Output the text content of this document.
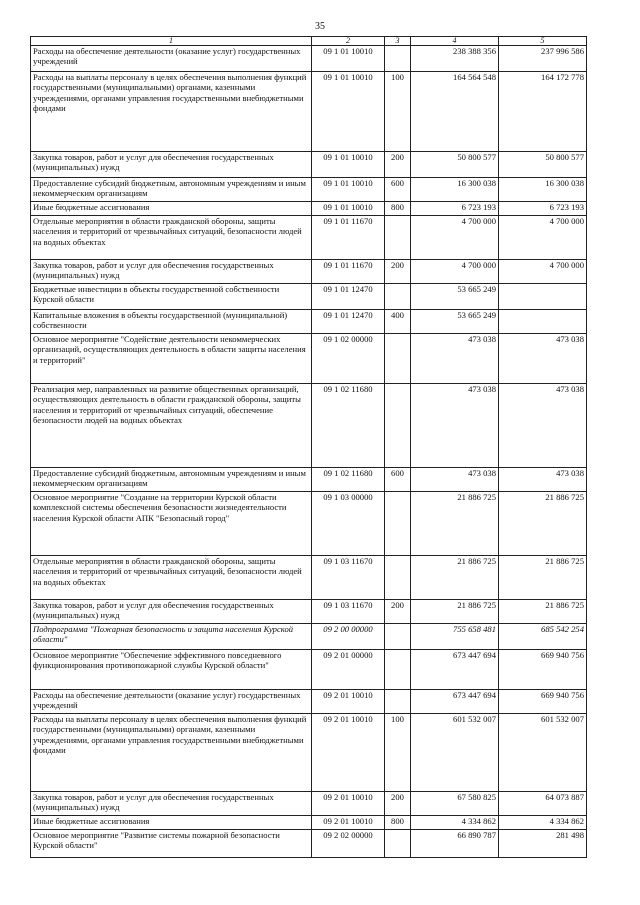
35
1	2	3	4	5
Расходы на обеспечение деятельности (оказание услуг) государственных учреждений	09 1 01 10010		238 388 356	237 996 586
Расходы на выплаты персоналу в целях обеспечения выполнения функций государственными (муниципальными) органами, казенными учреждениями, органами управления государственными внебюджетными фондами	09 1 01 10010	100	164 564 548	164 172 778
Закупка товаров, работ и услуг для обеспечения государственных (муниципальных) нужд	09 1 01 10010	200	50 800 577	50 800 577
Предоставление субсидий бюджетным, автономным учреждениям и иным некоммерческим организациям	09 1 01 10010	600	16 300 038	16 300 038
Иные бюджетные ассигнования	09 1 01 10010	800	6 723 193	6 723 193
Отдельные мероприятия в области гражданской обороны, защиты населения и территорий от чрезвычайных ситуаций, безопасности людей на водных объектах	09 1 01 11670		4 700 000	4 700 000
Закупка товаров, работ и услуг для обеспечения государственных (муниципальных) нужд	09 1 01 11670	200	4 700 000	4 700 000
Бюджетные инвестиции в объекты государственной собственности Курской области	09 1 01 12470		53 665 249	
Капитальные вложения в объекты государственной (муниципальной) собственности	09 1 01 12470	400	53 665 249	
Основное мероприятие "Содействие деятельности некоммерческих организаций, осуществляющих деятельность в области защиты населения и территорий"	09 1 02 00000		473 038	473 038
Реализация мер, направленных на развитие общественных организаций, осуществляющих деятельность в области гражданской обороны, защиты населения и территорий от чрезвычайных ситуаций, обеспечение безопасности людей на водных объектах	09 1 02 11680		473 038	473 038
Предоставление субсидий бюджетным, автономным учреждениям и иным некоммерческим организациям	09 1 02 11680	600	473 038	473 038
Основное мероприятие "Создание на территории Курской области комплексной системы обеспечения безопасности жизнедеятельности населения Курской области АПК "Безопасный город"	09 1 03 00000		21 886 725	21 886 725
Отдельные мероприятия в области гражданской обороны, защиты населения и территорий от чрезвычайных ситуаций, безопасности людей на водных объектах	09 1 03 11670		21 886 725	21 886 725
Закупка товаров, работ и услуг для обеспечения государственных (муниципальных) нужд	09 1 03 11670	200	21 886 725	21 886 725
Подпрограмма "Пожарная безопасность и защита населения Курской области"	09 2 00 00000		755 658 481	685 542 254
Основное мероприятие "Обеспечение эффективного повседневного функционирования противопожарной службы Курской области"	09 2 01 00000		673 447 694	669 940 756
Расходы на обеспечение деятельности (оказание услуг) государственных учреждений	09 2 01 10010		673 447 694	669 940 756
Расходы на выплаты персоналу в целях обеспечения выполнения функций государственными (муниципальными) органами, казенными учреждениями, органами управления государственными внебюджетными фондами	09 2 01 10010	100	601 532 007	601 532 007
Закупка товаров, работ и услуг для обеспечения государственных (муниципальных) нужд	09 2 01 10010	200	67 580 825	64 073 887
Иные бюджетные ассигнования	09 2 01 10010	800	4 334 862	4 334 862
Основное мероприятие "Развитие системы пожарной безопасности Курской области"	09 2 02 00000		66 890 787	281 498
